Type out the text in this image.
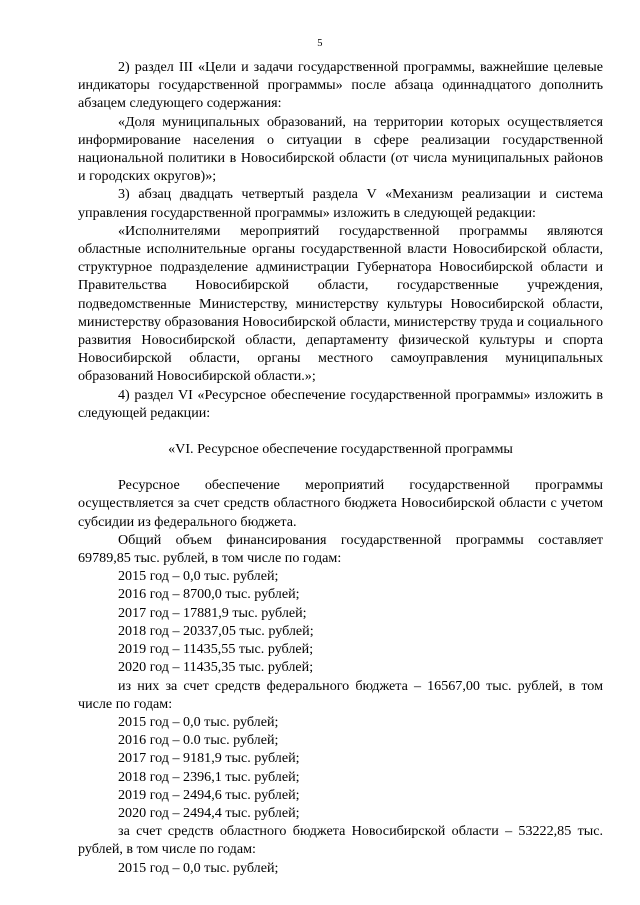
5

2) раздел III «Цели и задачи государственной программы, важнейшие целевые индикаторы государственной программы» после абзаца одиннадцатого дополнить абзацем следующего содержания:

«Доля муниципальных образований, на территории которых осуществляется информирование населения о ситуации в сфере реализации государственной национальной политики в Новосибирской области (от числа муниципальных районов и городских округов)»;

3) абзац двадцать четвертый раздела V «Механизм реализации и система управления государственной программы» изложить в следующей редакции:

«Исполнителями мероприятий государственной программы являются областные исполнительные органы государственной власти Новосибирской области, структурное подразделение администрации Губернатора Новосибирской области и Правительства Новосибирской области, государственные учреждения, подведомственные Министерству, министерству культуры Новосибирской области, министерству образования Новосибирской области, министерству труда и социального развития Новосибирской области, департаменту физической культуры и спорта Новосибирской области, органы местного самоуправления муниципальных образований Новосибирской области.»;

4) раздел VI «Ресурсное обеспечение государственной программы» изложить в следующей редакции:

«VI. Ресурсное обеспечение государственной программы

Ресурсное обеспечение мероприятий государственной программы осуществляется за счет средств областного бюджета Новосибирской области с учетом субсидии из федерального бюджета.

Общий объем финансирования государственной программы составляет 69789,85 тыс. рублей, в том числе по годам:

2015 год – 0,0 тыс. рублей;

2016 год – 8700,0 тыс. рублей;

2017 год – 17881,9 тыс. рублей;

2018 год – 20337,05 тыс. рублей;

2019 год – 11435,55 тыс. рублей;

2020 год – 11435,35 тыс. рублей;

из них за счет средств федерального бюджета – 16567,00 тыс. рублей, в том числе по годам:

2015 год – 0,0 тыс. рублей;

2016 год – 0.0 тыс. рублей;

2017 год – 9181,9 тыс. рублей;

2018 год – 2396,1 тыс. рублей;

2019 год – 2494,6 тыс. рублей;

2020 год – 2494,4 тыс. рублей;

за счет средств областного бюджета Новосибирской области – 53222,85 тыс. рублей, в том числе по годам:

2015 год – 0,0 тыс. рублей;
